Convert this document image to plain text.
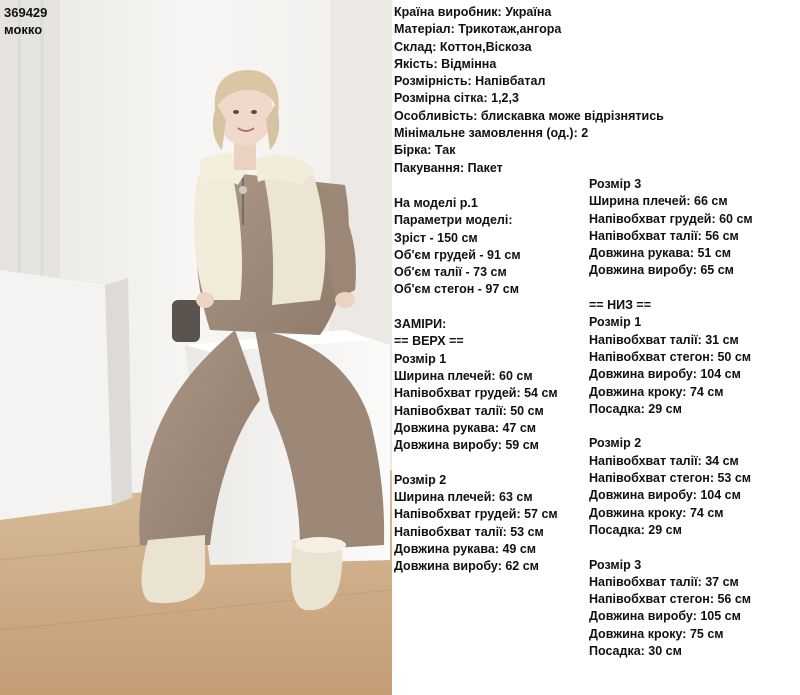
369429
мокко
Країна виробник: Україна
Матеріал: Трикотаж,ангора
Склад: Коттон,Віскоза
Якість: Відмінна
Розмірність: Напівбатал
Розмірна сітка: 1,2,3
Особливість: блискавка може відрізнятись
Мінімальне замовлення (од.): 2
Бірка: Так
Пакування: Пакет
На моделі р.1
Параметри моделі:
Зріст - 150 см
Об'єм грудей - 91 см
Об'єм талії - 73 см
Об'єм стегон - 97 см
ЗАМІРИ:
== ВЕРХ ==
Розмір 1
Ширина плечей: 60 см
Напівобхват грудей: 54 см
Напівобхват талії: 50 см
Довжина рукава: 47 см
Довжина виробу: 59 см
Розмір 2
Ширина плечей: 63 см
Напівобхват грудей: 57 см
Напівобхват талії: 53 см
Довжина рукава: 49 см
Довжина виробу: 62 см
Розмір 3
Ширина плечей: 66 см
Напівобхват грудей: 60 см
Напівобхват талії: 56 см
Довжина рукава: 51 см
Довжина виробу: 65 см
== НИЗ ==
Розмір 1
Напівобхват талії: 31 см
Напівобхват стегон: 50 см
Довжина виробу: 104 см
Довжина кроку: 74 см
Посадка: 29 см
Розмір 2
Напівобхват талії: 34 см
Напівобхват стегон: 53 см
Довжина виробу: 104 см
Довжина кроку: 74 см
Посадка: 29 см
Розмір 3
Напівобхват талії: 37 см
Напівобхват стегон: 56 см
Довжина виробу: 105 см
Довжина кроку: 75 см
Посадка: 30 см
